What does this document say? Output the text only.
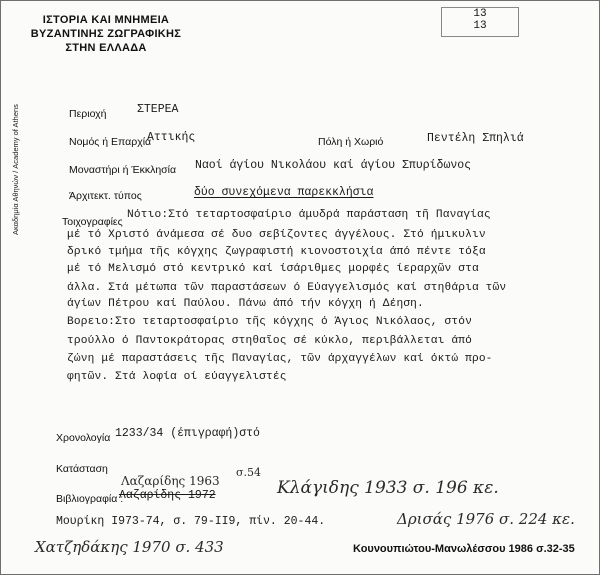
ΙΣΤΟΡΙΑ ΚΑΙ ΜΝΗΜΕΙΑ
ΒΥΖΑΝΤΙΝΗΣ ΖΩΓΡΑΦΙΚΗΣ
ΣΤΗΝ ΕΛΛΑΔΑ
13
13
Ακαδημία Αθηνών / Academy of Athens	Περιοχή	ΣΤΕΡΕΑ
Νομός ή Επαρχία
Αττικής	Πόλη ή Χωριό	Πεντέλη Σπηλιά
Μοναστήρι ή Έκκλησία Ναοί άγίου Νικολάου καί άγίου Σπυρίδωνος
Άρχιτεκτ. τύπος	δύο συνεχόμενα παρεκκλήσια
Τοιχογραφίες
Νότιο:Στό τεταρτοσφαίριο άμυδρά παράσταση τῆ Παναγίας
μέ τό Χριστό άνάμεσα σέ δυο σεβίζοντες άγγέλους. Στό ήμικυλιν
δρικό τμήμα τῆς κόγχης ζωγραφιστή κιονοστοιχία άπό πέντε τόξα
μέ τό Μελισμό στό κεντρικό καί ίσάριθμες μορφές ίεραρχῶν στα
άλλα. Στά μέτωπα τῶν παραστάσεων ό Εύαγγελισμός καί στηθάρια τῶν
άγίων Πέτρου καί Παύλου. Πάνω άπό τήν κόγχη ή Δέηση.
Βορειο:Στο τεταρτοσφαίριο τῆς κόγχης ό Άγιος Νικόλαος, στόν
τρούλλο ό Παντοκράτορας στηθαῖος σέ κύκλο, περιβάλλεται άπό
ζώνη μέ παραστάσεις τῆς Παναγίας, τῶν άρχαγγέλων καί όκτώ προ-
φητῶν. Στά λοφία οί εύαγγελιστές
Χρονολογία 1233/34 (έπιγραφή)στό
Κατάσταση
Λαζαρίδης 1963
σ.54
Βιβλιογραφία :
Λαζαρίδης 1972	Κλάγιδης 1933 σ. 196 κε.
Μουρίκη Ι973-74, σ. 79-ΙΙ9, πίν. 20-44.	Δρισάς 1976 σ. 224 κε.
Χατζηδάκης 1970 σ. 433	Κουνουπιώτου-Μανωλέσσου 1986 σ.32-35
